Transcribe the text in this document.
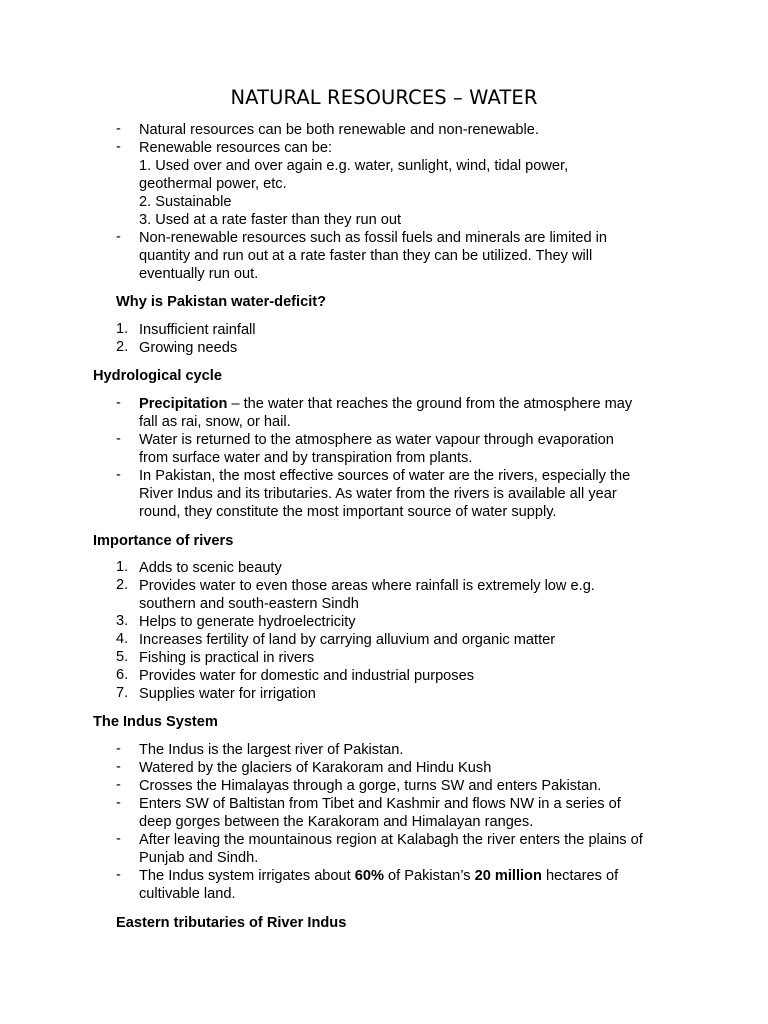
NATURAL RESOURCES – WATER
-	Natural resources can be both renewable and non-renewable.
-	Renewable resources can be:
1. Used over and over again e.g. water, sunlight, wind, tidal power,
geothermal power, etc.
2. Sustainable
3. Used at a rate faster than they run out
-	Non-renewable resources such as fossil fuels and minerals are limited in
quantity and run out at a rate faster than they can be utilized. They will
eventually run out.
Why is Pakistan water-deficit?
1. Insufficient rainfall
2. Growing needs
Hydrological cycle
-	Precipitation – the water that reaches the ground from the atmosphere may
fall as rai, snow, or hail.
-	Water is returned to the atmosphere as water vapour through evaporation
from surface water and by transpiration from plants.
-	In Pakistan, the most effective sources of water are the rivers, especially the
River Indus and its tributaries. As water from the rivers is available all year
round, they constitute the most important source of water supply.
Importance of rivers
1. Adds to scenic beauty
2. Provides water to even those areas where rainfall is extremely low e.g.
southern and south-eastern Sindh
3. Helps to generate hydroelectricity
4. Increases fertility of land by carrying alluvium and organic matter
5. Fishing is practical in rivers
6. Provides water for domestic and industrial purposes
7. Supplies water for irrigation
The Indus System
-	The Indus is the largest river of Pakistan.
-	Watered by the glaciers of Karakoram and Hindu Kush
-	Crosses the Himalayas through a gorge, turns SW and enters Pakistan.
-	Enters SW of Baltistan from Tibet and Kashmir and flows NW in a series of
deep gorges between the Karakoram and Himalayan ranges.
-	After leaving the mountainous region at Kalabagh the river enters the plains of
Punjab and Sindh.
-	The Indus system irrigates about 60% of Pakistan’s 20 million hectares of
cultivable land.
Eastern tributaries of River Indus
